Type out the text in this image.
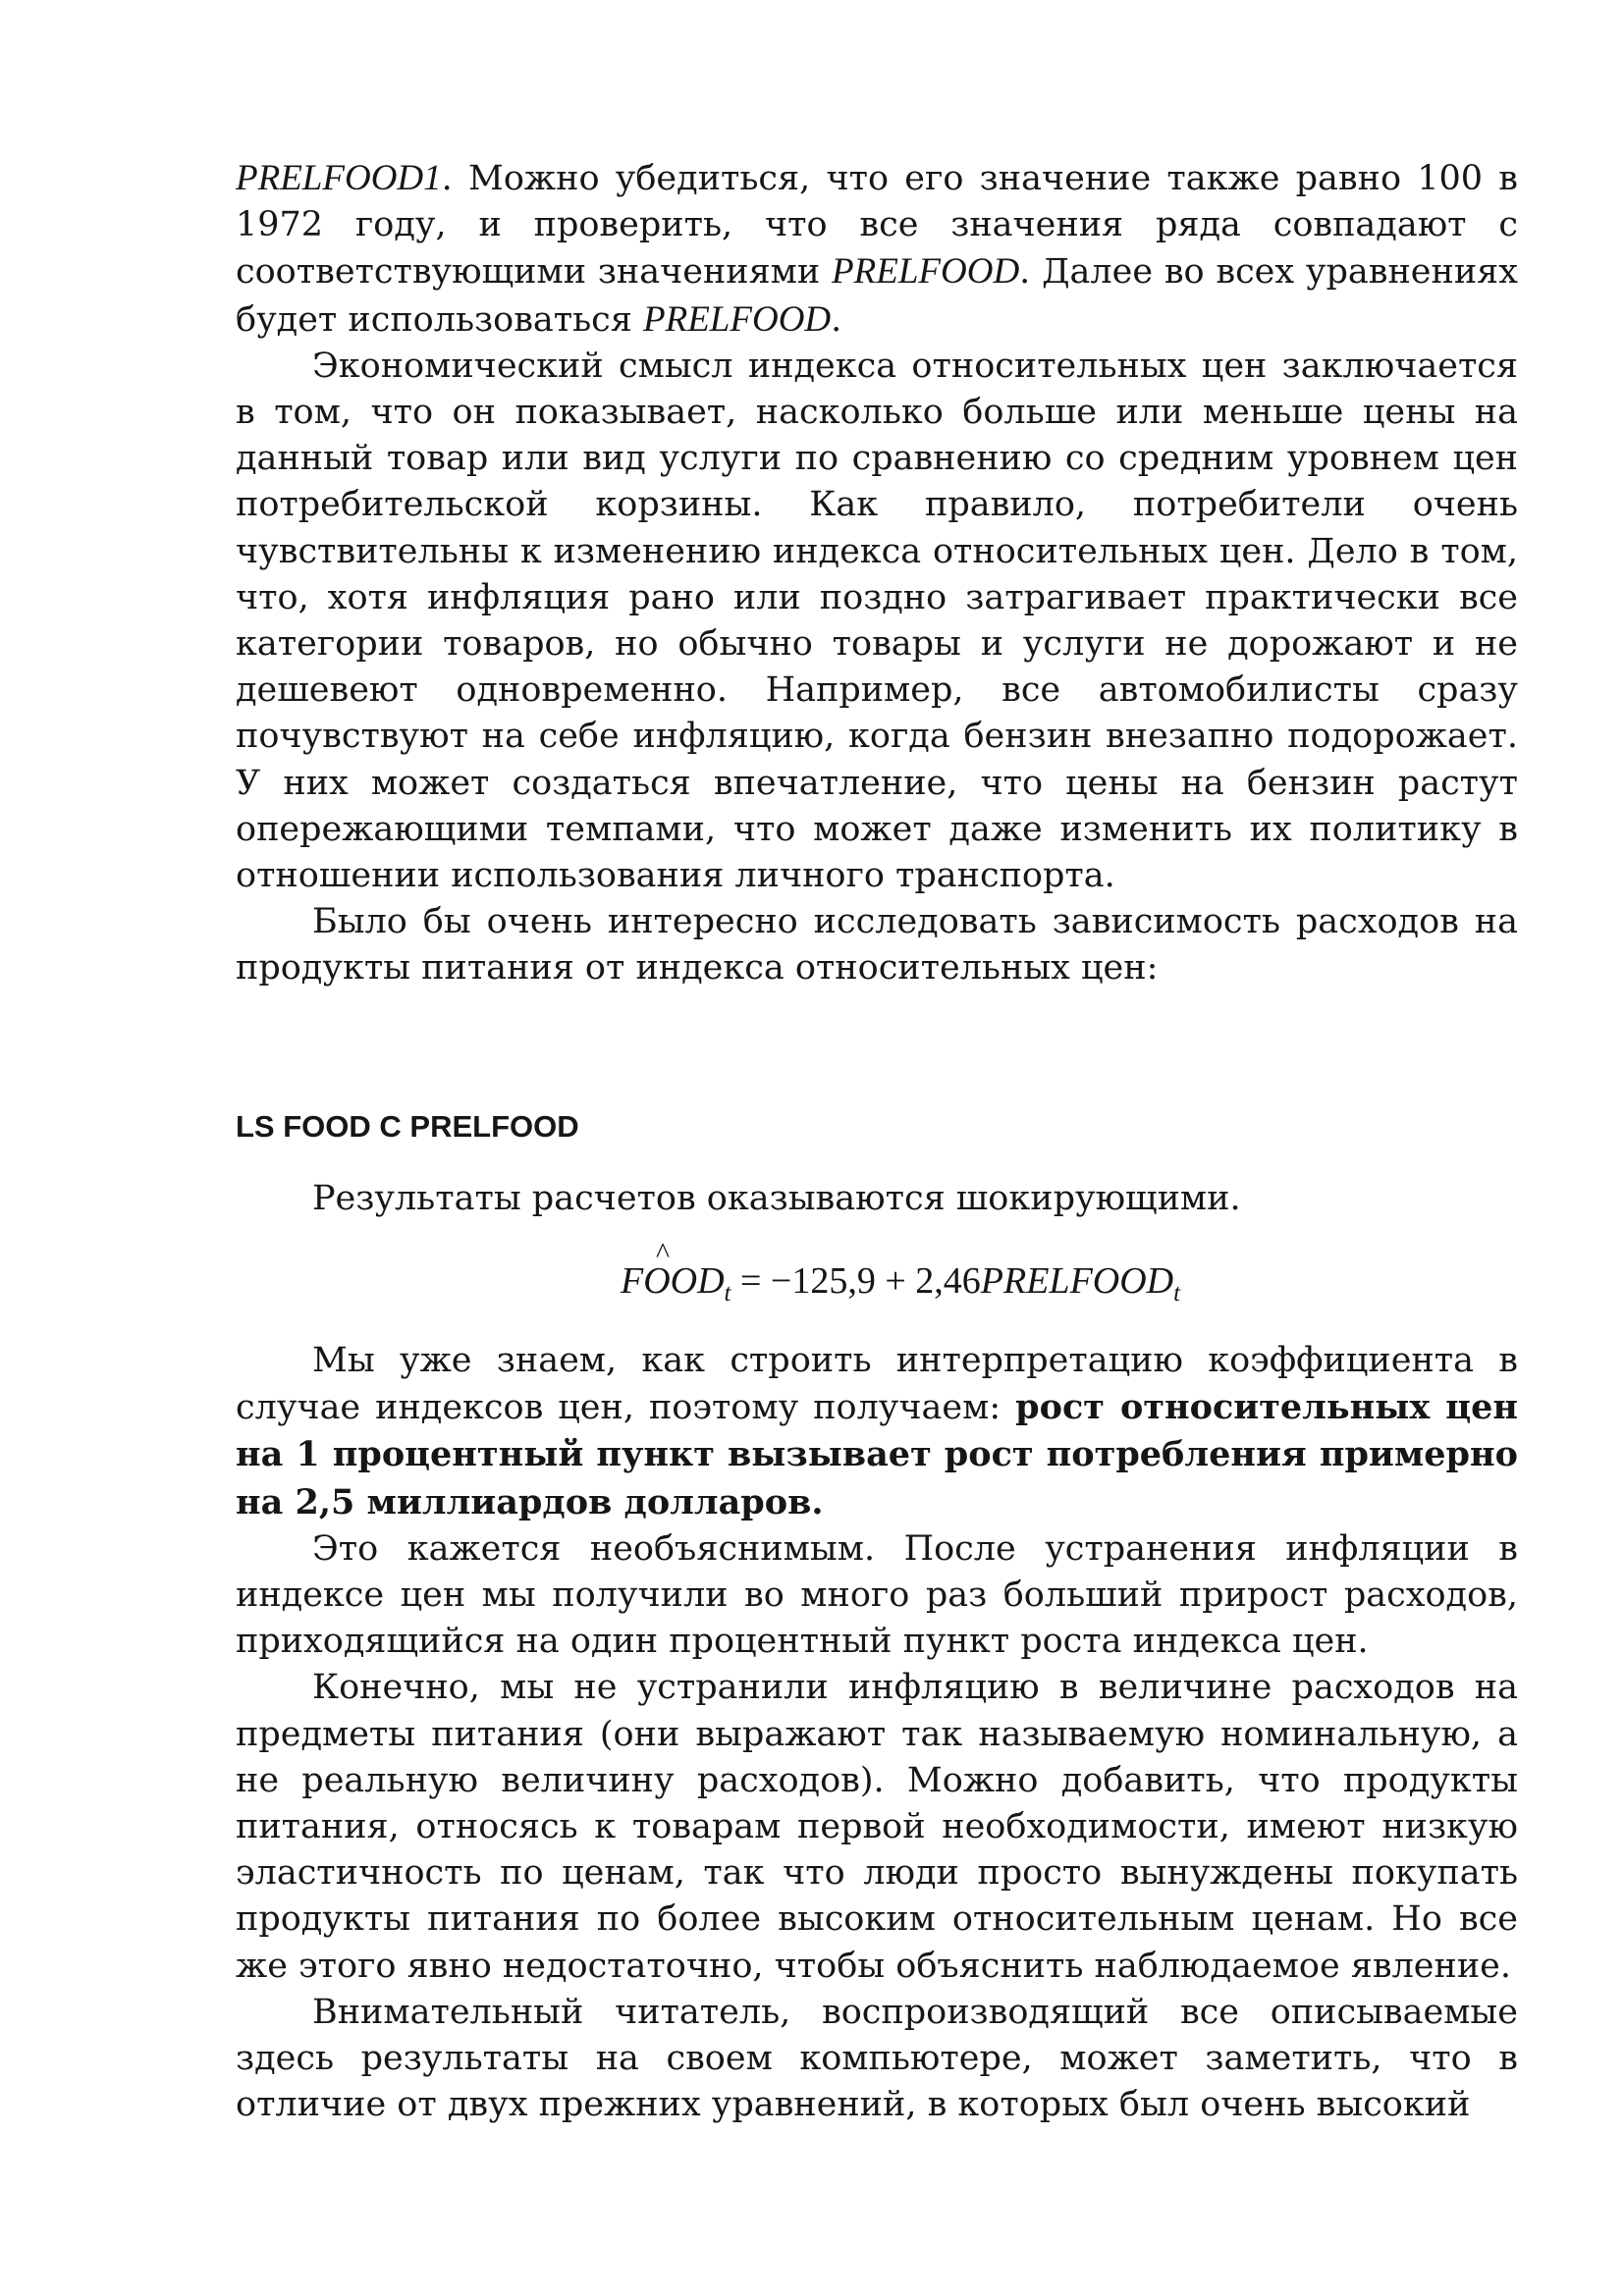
PRELFOOD1. Можно убедиться, что его значение также равно 100 в 1972 году, и проверить, что все значения ряда совпадают с соответствующими значениями PRELFOOD. Далее во всех уравнениях будет использоваться PRELFOOD.

Экономический смысл индекса относительных цен заключается в том, что он показывает, насколько больше или меньше цены на данный товар или вид услуги по сравнению со средним уровнем цен потребительской корзины. Как правило, потребители очень чувствительны к изменению индекса относительных цен. Дело в том, что, хотя инфляция рано или поздно затрагивает практически все категории товаров, но обычно товары и услуги не дорожают и не дешевеют одновременно. Например, все автомобилисты сразу почувствуют на себе инфляцию, когда бензин внезапно подорожает. У них может создаться впечатление, что цены на бензин растут опережающими темпами, что может даже изменить их политику в отношении использования личного транспорта.

Было бы очень интересно исследовать зависимость расходов на продукты питания от индекса относительных цен:

LS FOOD C PRELFOOD

Результаты расчетов оказываются шокирующими.

^
$FOOD_t = -125,9$ + $2,46PRELFOOD_t$

Мы уже знаем, как строить интерпретацию коэффициента в случае индексов цен, поэтому получаем: рост относительных цен на 1 процентный пункт вызывает рост потребления примерно на 2,5 миллиардов долларов.

Это кажется необъяснимым. После устранения инфляции в индексе цен мы получили во много раз больший прирост расходов, приходящийся на один процентный пункт роста индекса цен.

Конечно, мы не устранили инфляцию в величине расходов на предметы питания (они выражают так называемую номинальную, а не реальную величину расходов). Можно добавить, что продукты питания, относясь к товарам первой необходимости, имеют низкую эластичность по ценам, так что люди просто вынуждены покупать продукты питания по более высоким относительным ценам. Но все же этого явно недостаточно, чтобы объяснить наблюдаемое явление.

Внимательный читатель, воспроизводящий все описываемые здесь результаты на своем компьютере, может заметить, что в отличие от двух прежних уравнений, в которых был очень высокий
